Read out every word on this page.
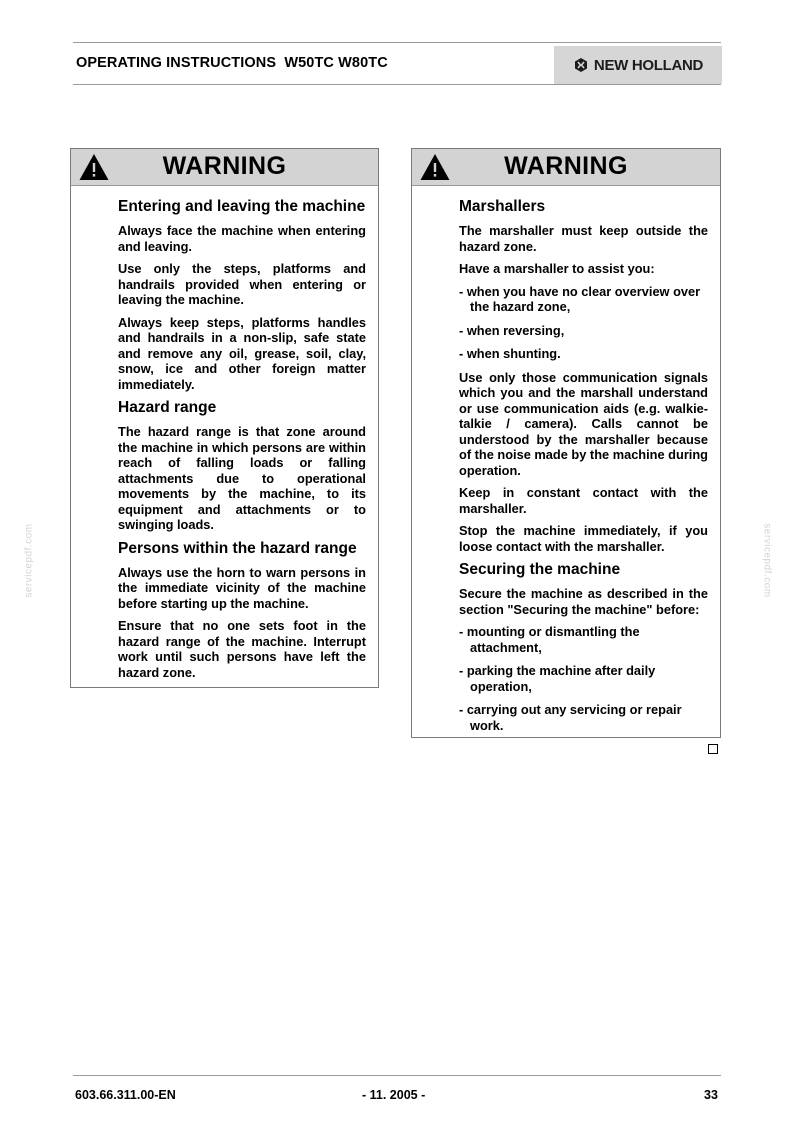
OPERATING INSTRUCTIONS  W50TC W80TC	NEW HOLLAND
WARNING
Entering and leaving the machine

Always face the machine when entering and leaving.

Use only the steps, platforms and handrails provided when entering or leaving the machine.

Always keep steps, platforms handles and handrails in a non-slip, safe state and remove any oil, grease, soil, clay, snow, ice and other foreign matter immediately.

Hazard range

The hazard range is that zone around the machine in which persons are within reach of falling loads or falling attachments due to operational movements by the machine, to its equipment and attachments or to swinging loads.

Persons within the hazard range

Always use the horn to warn persons in the immediate vicinity of the machine before starting up the machine.

Ensure that no one sets foot in the hazard range of the machine. Interrupt work until such persons have left the hazard zone.

WARNING
Marshallers

The marshaller must keep outside the hazard zone.

Have a marshaller to assist you:

- when you have no clear overview over the hazard zone,

- when reversing,

- when shunting.

Use only those communication signals which you and the marshall understand or use communication aids (e.g. walkie-talkie / camera). Calls cannot be understood by the marshaller because of the noise made by the machine during operation.

Keep in constant contact with the marshaller.

Stop the machine immediately, if you loose contact with the marshaller.

Securing the machine

Secure the machine as described in the section "Securing the machine" before:

- mounting or dismantling the attachment,

- parking the machine after daily operation,

- carrying out any servicing or repair work.

servicepdf.com	servicepdf.com
603.66.311.00-EN	- 11. 2005 -	33
